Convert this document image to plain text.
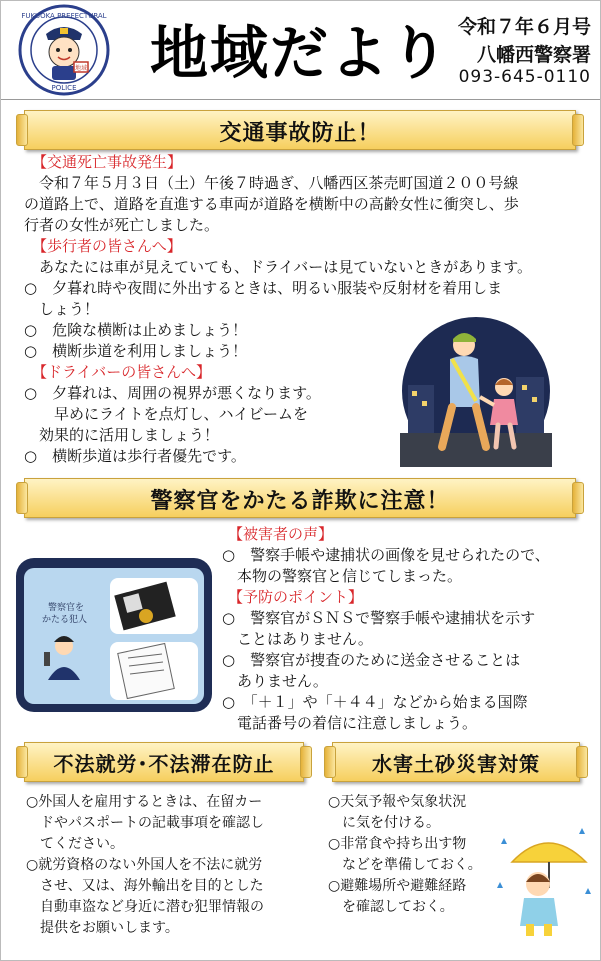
FUKUOKA PREFECTURAL
POLICE
地域 地域だより 令和７年６月号
八幡西警察署
093-645-0110
交通事故防止！
【交通死亡事故発生】
　令和７年５月３日（土）午後７時過ぎ、八幡西区茶売町国道２００号線
の道路上で、道路を直進する車両が道路を横断中の高齢女性に衝突し、歩
行者の女性が死亡しました。
【歩行者の皆さんへ】
　あなたには車が見えていても、ドライバーは見ていないときがあります。
○　夕暮れ時や夜間に外出するときは、明るい服装や反射材を着用しま
　しょう！
○　危険な横断は止めましょう！
○　横断歩道を利用しましょう！
【ドライバーの皆さんへ】
○　夕暮れは、周囲の視界が悪くなります。
　　早めにライトを点灯し、ハイビームを
　効果的に活用しましょう！
○　横断歩道は歩行者優先です。
警察官をかたる詐欺に注意！
警察官を
かたる犯人
【被害者の声】
○　警察手帳や逮捕状の画像を見せられたので、
　本物の警察官と信じてしまった。
【予防のポイント】
○　警察官がＳＮＳで警察手帳や逮捕状を示す
　ことはありません。
○　警察官が捜査のために送金させることは
　ありません。
○　「＋１」や「＋４４」などから始まる国際
　電話番号の着信に注意しましょう。
不法就労･不法滞在防止
○外国人を雇用するときは、在留カー
　ドやパスポートの記載事項を確認し
　てください。
○就労資格のない外国人を不法に就労
　させ、又は、海外輸出を目的とした
　自動車盗など身近に潜む犯罪情報の
　提供をお願いします。
水害土砂災害対策
○天気予報や気象状況
　に気を付ける。
○非常食や持ち出す物
　などを準備しておく。
○避難場所や避難経路
　を確認しておく。
